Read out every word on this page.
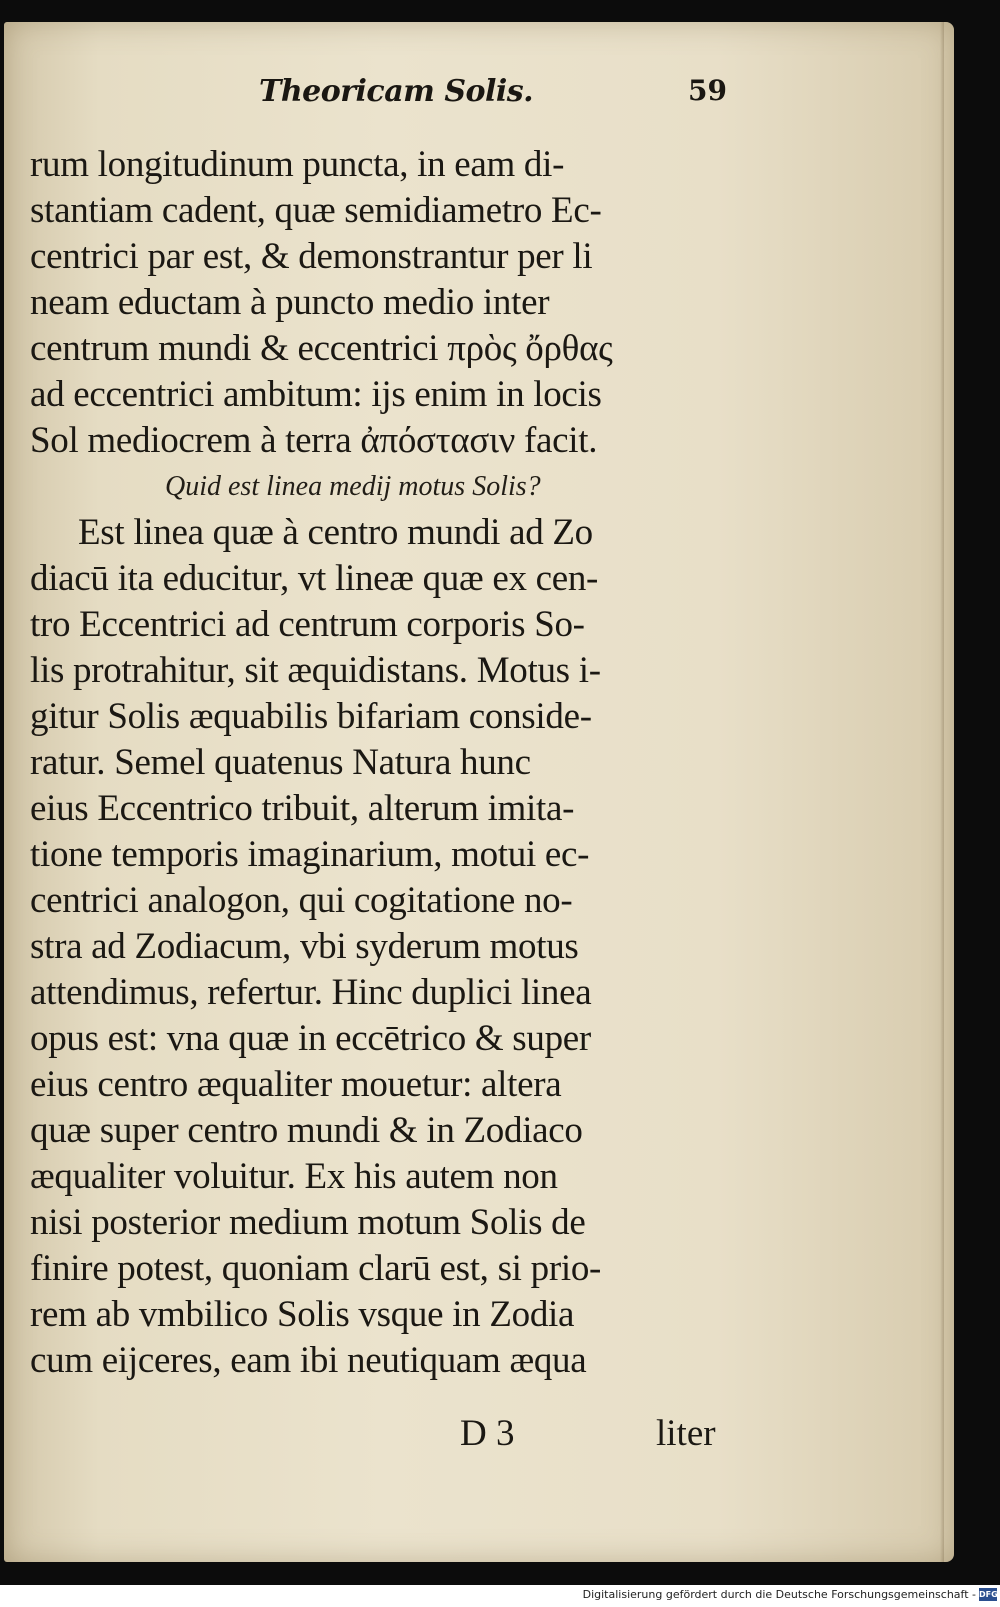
Theoricam Solis.	59
rum longitudinum puncta, in eam di-
stantiam cadent, quæ semidiametro Ec-
centrici par est, & demonstrantur per li
neam eductam à puncto medio inter
centrum mundi & eccentrici πρὸς ὄρθας
ad eccentrici ambitum: ijs enim in locis
Sol mediocrem à terra ἀπόστασιν facit.
Quid est linea medij motus Solis?
Est linea quæ à centro mundi ad Zo
diacū ita educitur, vt lineæ quæ ex cen-
tro Eccentrici ad centrum corporis So-
lis protrahitur, sit æquidistans. Motus i-
gitur Solis æquabilis bifariam conside-
ratur. Semel quatenus Natura hunc
eius Eccentrico tribuit, alterum imita-
tione temporis imaginarium, motui ec-
centrici analogon, qui cogitatione no-
stra ad Zodiacum, vbi syderum motus
attendimus, refertur. Hinc duplici linea
opus est: vna quæ in eccētrico & super
eius centro æqualiter mouetur: altera
quæ super centro mundi & in Zodiaco
æqualiter voluitur. Ex his autem non
nisi posterior medium motum Solis de
finire potest, quoniam clarū est, si prio-
rem ab vmbilico Solis vsque in Zodia
cum eijceres, eam ibi neutiquam æqua
D 3	liter
Digitalisierung gefördert durch die Deutsche Forschungsgemeinschaft - DFG
